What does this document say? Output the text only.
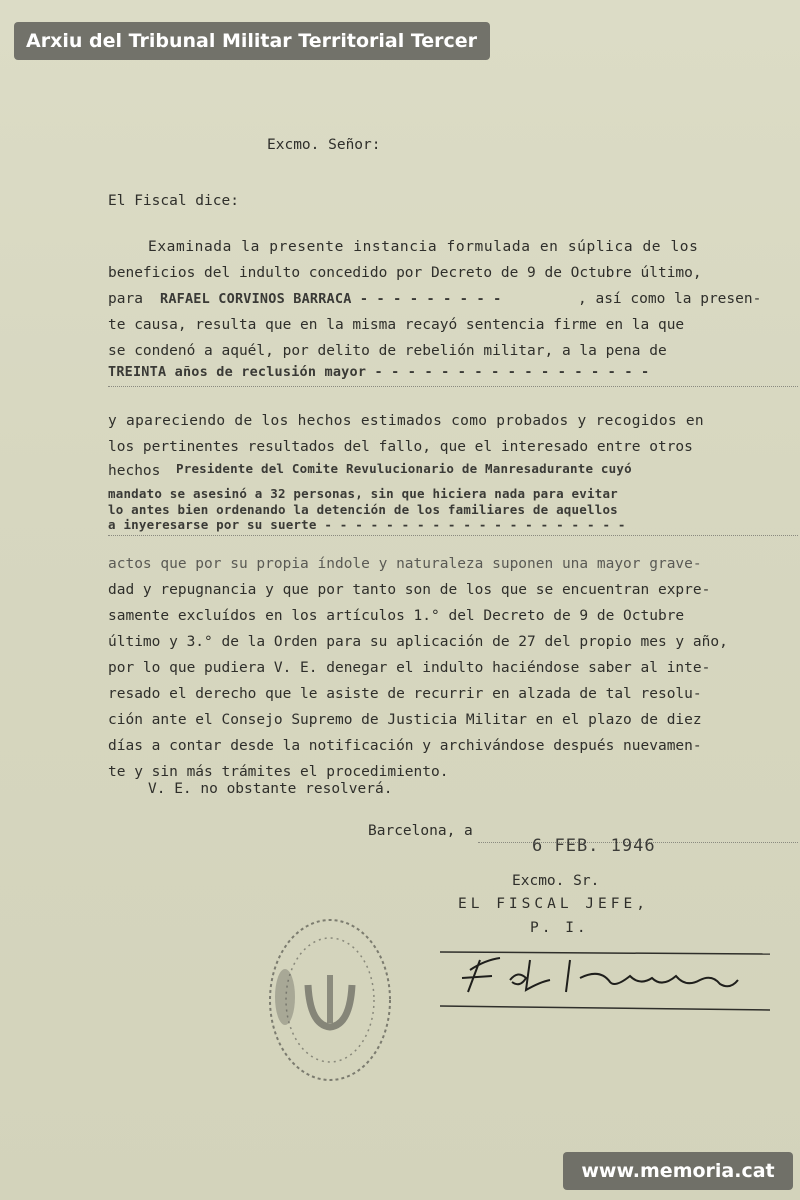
Arxiu del Tribunal Militar Territorial Tercer
Excmo. Señor:
El Fiscal dice:
Examinada la presente instancia formulada en súplica de los
beneficios del indulto concedido por Decreto de 9 de Octubre último,
para RAFAEL CORVINOS BARRACA - - - - - - - - -	, así como la presen-
te causa, resulta que en la misma recayó sentencia firme en la que
se condenó a aquél, por delito de rebelión militar, a la pena de
TREINTA años de reclusión mayor - - - - - - - - - - - - - - - - -
y apareciendo de los hechos estimados como probados y recogidos en
los pertinentes resultados del fallo, que el interesado entre otros
hechos Presidente del Comite Revulucionario de Manresadurante cuyó
mandato se asesinó a 32 personas, sin que hiciera nada para evitar
lo antes bien ordenando la detención de los familiares de aquellos
a inyeresarse por su suerte - - - - - - - - - - - - - - - - - - - -
actos que por su propia índole y naturaleza suponen una mayor grave-
dad y repugnancia y que por tanto son de los que se encuentran expre-
samente excluídos en los artículos 1.° del Decreto de 9 de Octubre
último y 3.° de la Orden para su aplicación de 27 del propio mes y año,
por lo que pudiera V. E. denegar el indulto haciéndose saber al inte-
resado el derecho que le asiste de recurrir en alzada de tal resolu-
ción ante el Consejo Supremo de Justicia Militar en el plazo de diez
días a contar desde la notificación y archivándose después nuevamen-
te y sin más trámites el procedimiento.
V. E. no obstante resolverá.
Barcelona, a
6 FEB. 1946
Excmo. Sr.
EL FISCAL JEFE,
P. I.
www.memoria.cat
